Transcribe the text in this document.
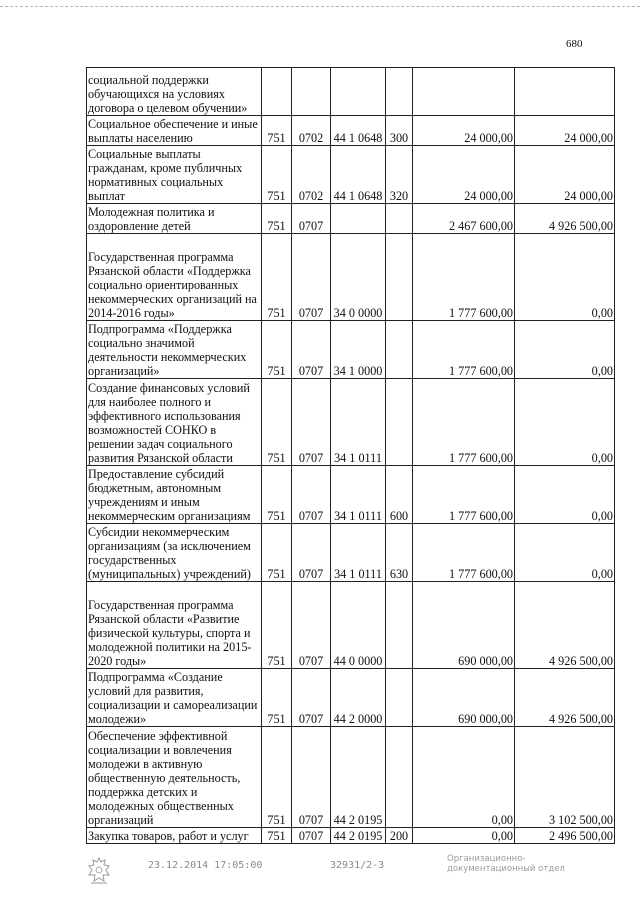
680
социальной поддержки обучающихся на условиях договора о целевом обучении»						
Социальное обеспечение и иные выплаты населению	751	0702	44 1 0648	300	24 000,00	24 000,00
Социальные выплаты гражданам, кроме публичных нормативных социальных выплат	751	0702	44 1 0648	320	24 000,00	24 000,00
Молодежная политика и оздоровление детей	751	0707			2 467 600,00	4 926 500,00
Государственная программа Рязанской области «Поддержка социально ориентированных некоммерческих организаций на 2014-2016 годы»	751	0707	34 0 0000		1 777 600,00	0,00
Подпрограмма «Поддержка социально значимой деятельности некоммерческих организаций»	751	0707	34 1 0000		1 777 600,00	0,00
Создание финансовых условий для наиболее полного и эффективного использования возможностей СОНКО в решении задач социального развития Рязанской области	751	0707	34 1 0111		1 777 600,00	0,00
Предоставление субсидий бюджетным, автономным учреждениям и иным некоммерческим организациям	751	0707	34 1 0111	600	1 777 600,00	0,00
Субсидии некоммерческим организациям (за исключением государственных (муниципальных) учреждений)	751	0707	34 1 0111	630	1 777 600,00	0,00
Государственная программа Рязанской области «Развитие физической культуры, спорта и молодежной политики на 2015-2020 годы»	751	0707	44 0 0000		690 000,00	4 926 500,00
Подпрограмма «Создание условий для развития, социализации и самореализации молодежи»	751	0707	44 2 0000		690 000,00	4 926 500,00
Обеспечение эффективной социализации и вовлечения молодежи в активную общественную деятельность, поддержка детских и молодежных общественных организаций	751	0707	44 2 0195		0,00	3 102 500,00
Закупка товаров, работ и услуг	751	0707	44 2 0195	200	0,00	2 496 500,00
23.12.2014 17:05:00	32931/2-3
Организационно-
документационный отдел
